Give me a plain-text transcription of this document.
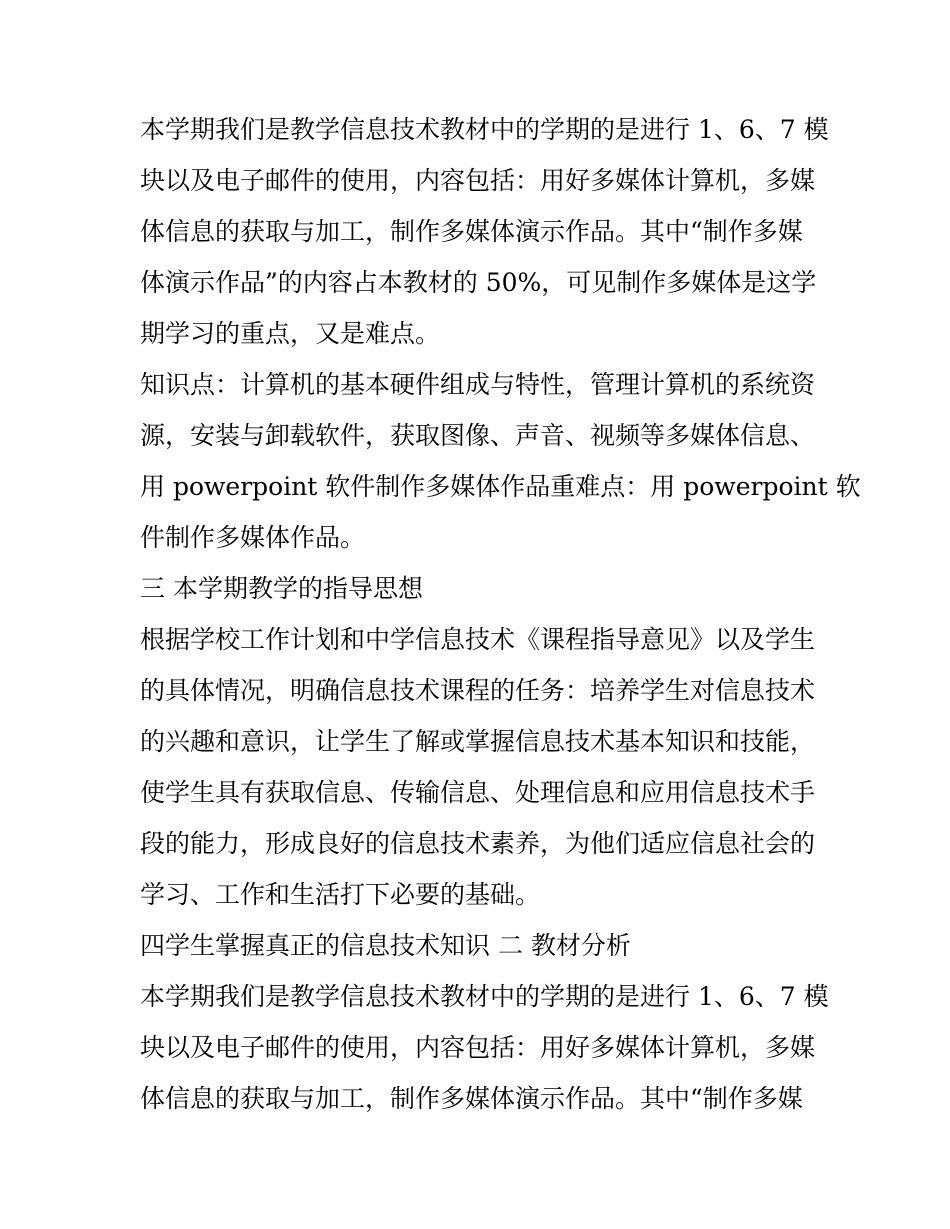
本学期我们是教学信息技术教材中的学期的是进行 1、6、7 模
块以及电子邮件的使用，内容包括：用好多媒体计算机，多媒
体信息的获取与加工，制作多媒体演示作品。其中“制作多媒
体演示作品”的内容占本教材的 50%，可见制作多媒体是这学
期学习的重点，又是难点。
知识点：计算机的基本硬件组成与特性，管理计算机的系统资
源，安装与卸载软件，获取图像、声音、视频等多媒体信息、
用 powerpoint 软件制作多媒体作品重难点：用 powerpoint 软
件制作多媒体作品。
三 本学期教学的指导思想
根据学校工作计划和中学信息技术《课程指导意见》以及学生
的具体情况，明确信息技术课程的任务：培养学生对信息技术
的兴趣和意识，让学生了解或掌握信息技术基本知识和技能，
使学生具有获取信息、传输信息、处理信息和应用信息技术手
段的能力，形成良好的信息技术素养，为他们适应信息社会的
学习、工作和生活打下必要的基础。
四学生掌握真正的信息技术知识 二 教材分析
本学期我们是教学信息技术教材中的学期的是进行 1、6、7 模
块以及电子邮件的使用，内容包括：用好多媒体计算机，多媒
体信息的获取与加工，制作多媒体演示作品。其中“制作多媒
